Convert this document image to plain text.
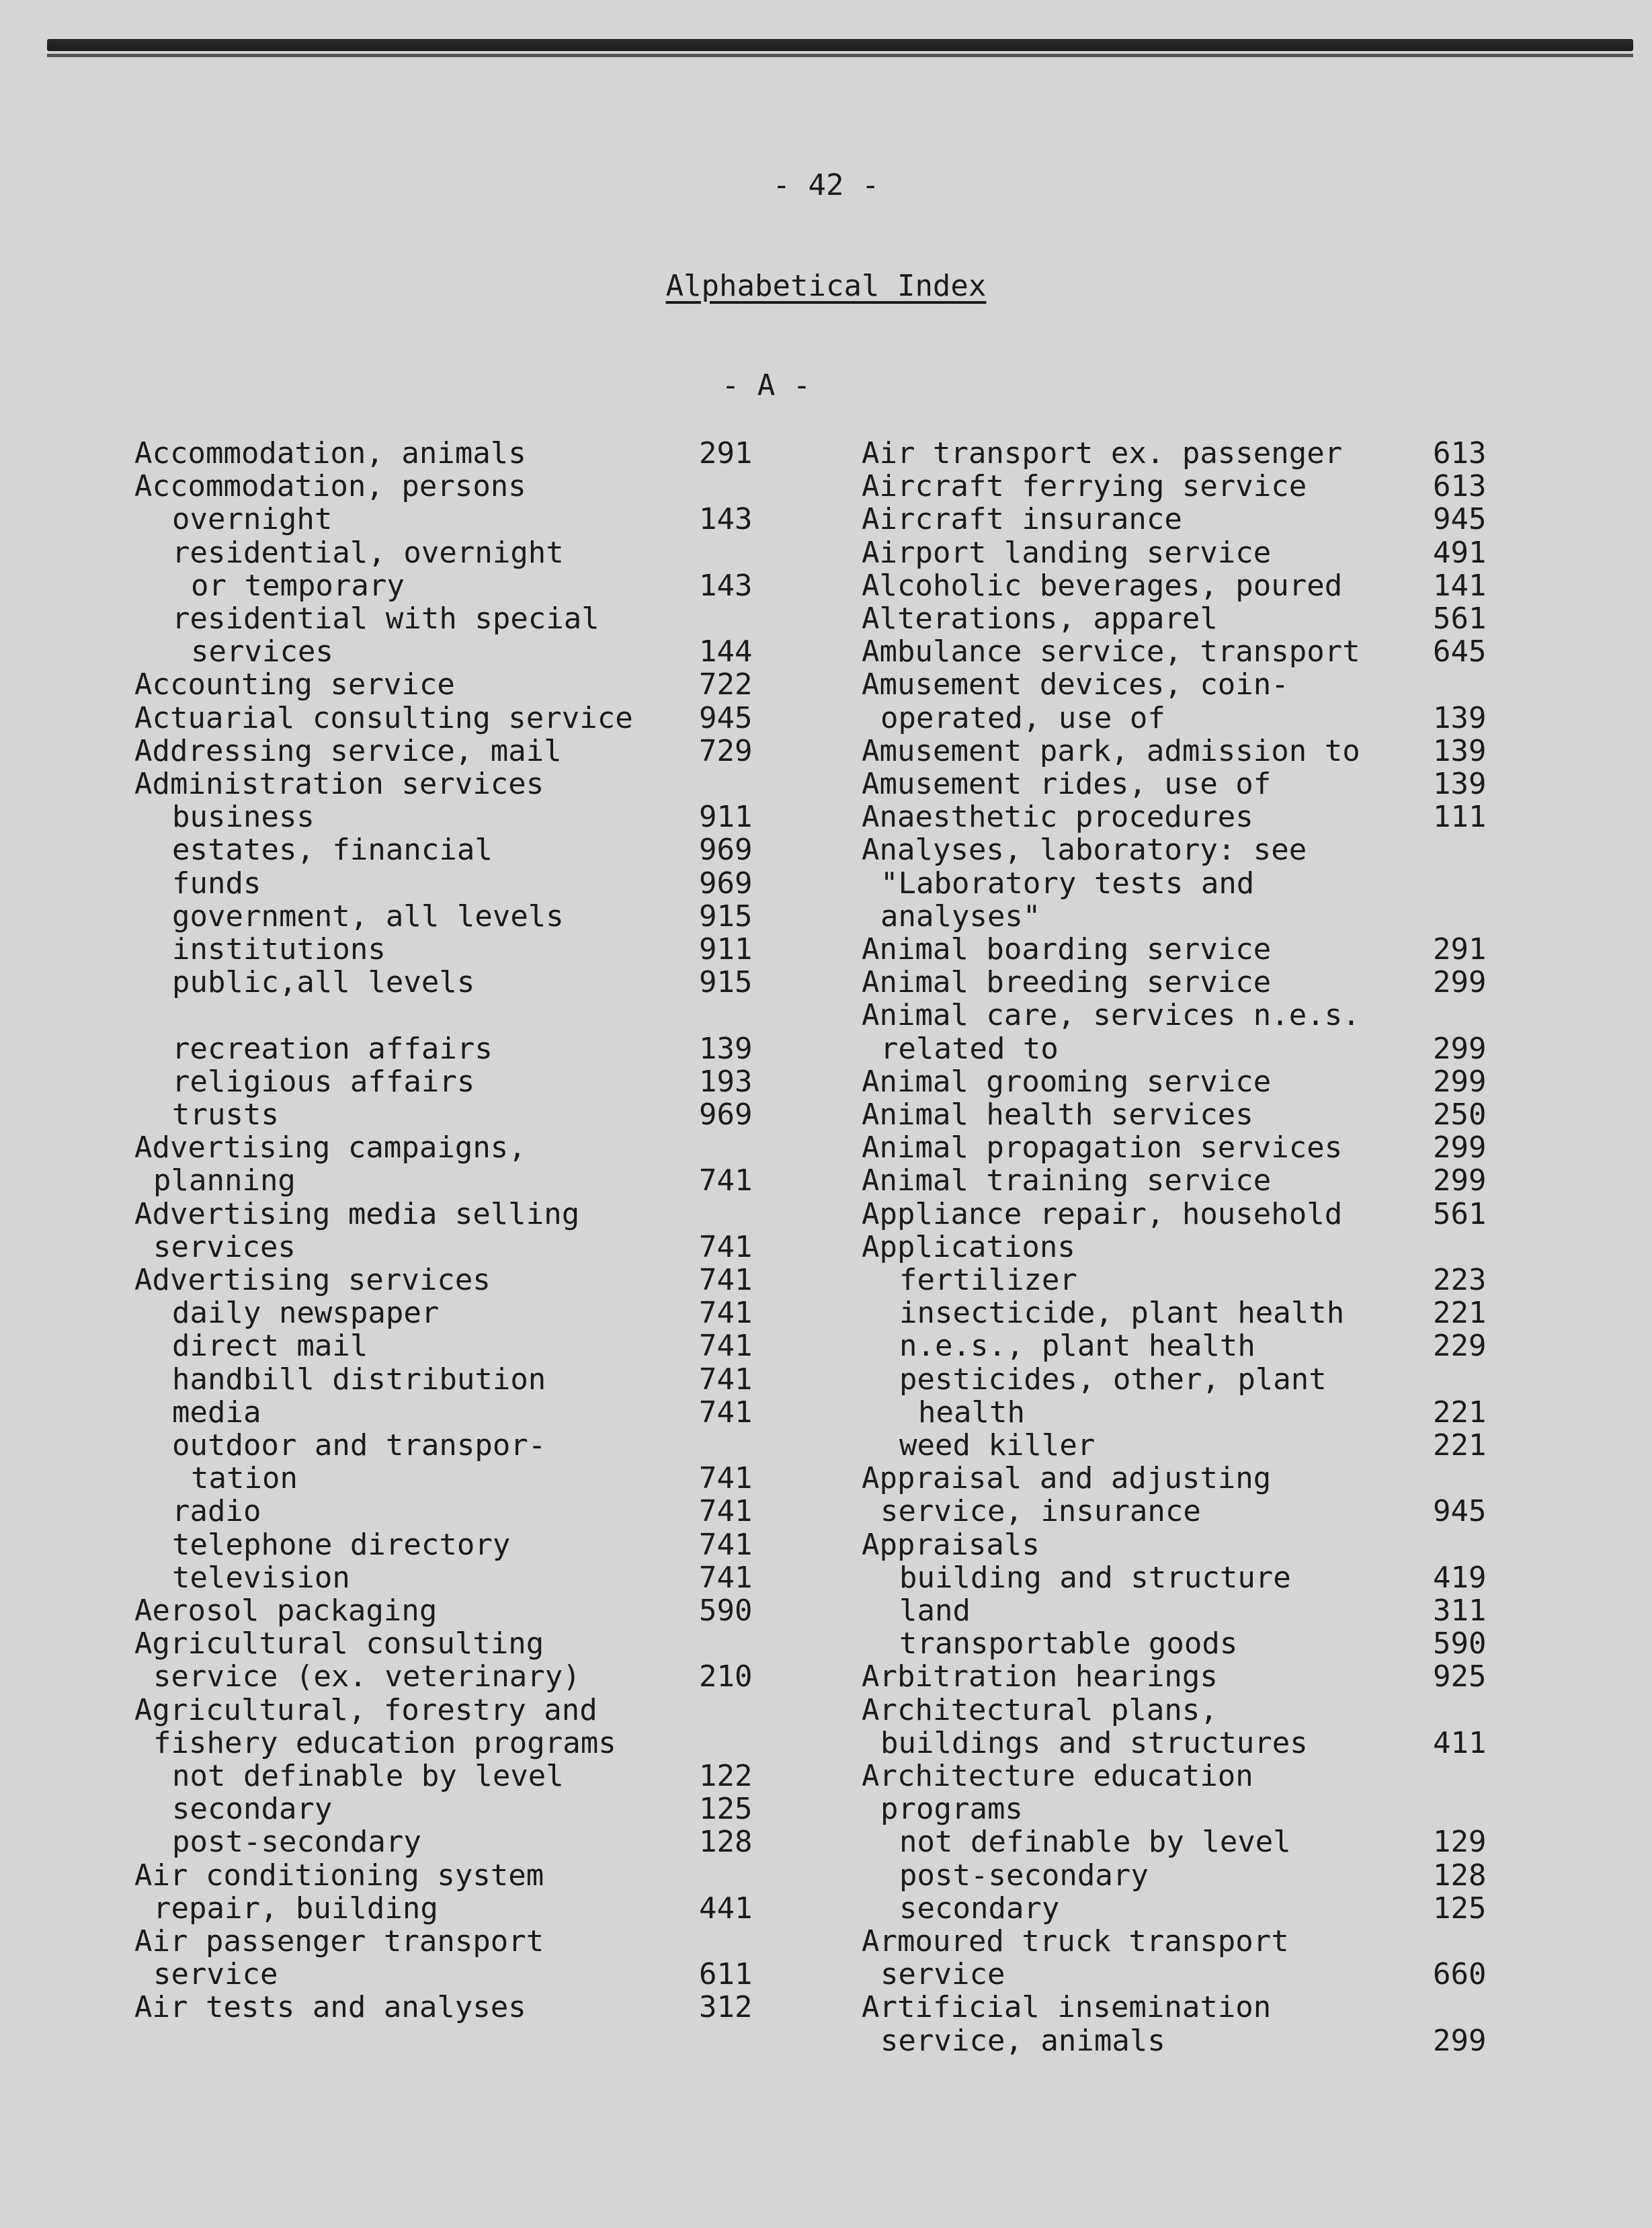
- 42 -
Alphabetical Index
- A -
Accommodation, animals	291
Accommodation, persons
overnight	143
residential, overnight
or temporary	143
residential with special
services	144
Accounting service	722
Actuarial consulting service 945
Addressing service, mail	729
Administration services
business	911
estates, financial	969
funds	969
government, all levels	915
institutions	911
public,all levels	915
recreation affairs	139
religious affairs	193
trusts	969
Advertising campaigns,
planning	741
Advertising media selling
services	741
Advertising services	741
daily newspaper	741
direct mail	741
handbill distribution	741
media	741
outdoor and transpor-
tation	741
radio	741
telephone directory	741
television	741
Aerosol packaging	590
Agricultural consulting
service (ex. veterinary)	210
Agricultural, forestry and
fishery education programs
not definable by level	122
secondary	125
post-secondary	128
Air conditioning system
repair, building	441
Air passenger transport
service	611
Air tests and analyses	312
Air transport ex. passenger	613
Aircraft ferrying service	613
Aircraft insurance	945
Airport landing service	491
Alcoholic beverages, poured	141
Alterations, apparel	561
Ambulance service, transport 645
Amusement devices, coin-
operated, use of	139
Amusement park, admission to 139
Amusement rides, use of	139
Anaesthetic procedures	111
Analyses, laboratory: see
"Laboratory tests and
analyses"
Animal boarding service	291
Animal breeding service	299
Animal care, services n.e.s.
related to	299
Animal grooming service	299
Animal health services	250
Animal propagation services	299
Animal training service	299
Appliance repair, household	561
Applications
fertilizer	223
insecticide, plant health	221
n.e.s., plant health	229
pesticides, other, plant
health	221
weed killer	221
Appraisal and adjusting
service, insurance	945
Appraisals
building and structure	419
land	311
transportable goods	590
Arbitration hearings	925
Architectural plans,
buildings and structures	411
Architecture education
programs
not definable by level	129
post-secondary	128
secondary	125
Armoured truck transport
service	660
Artificial insemination
service, animals	299
